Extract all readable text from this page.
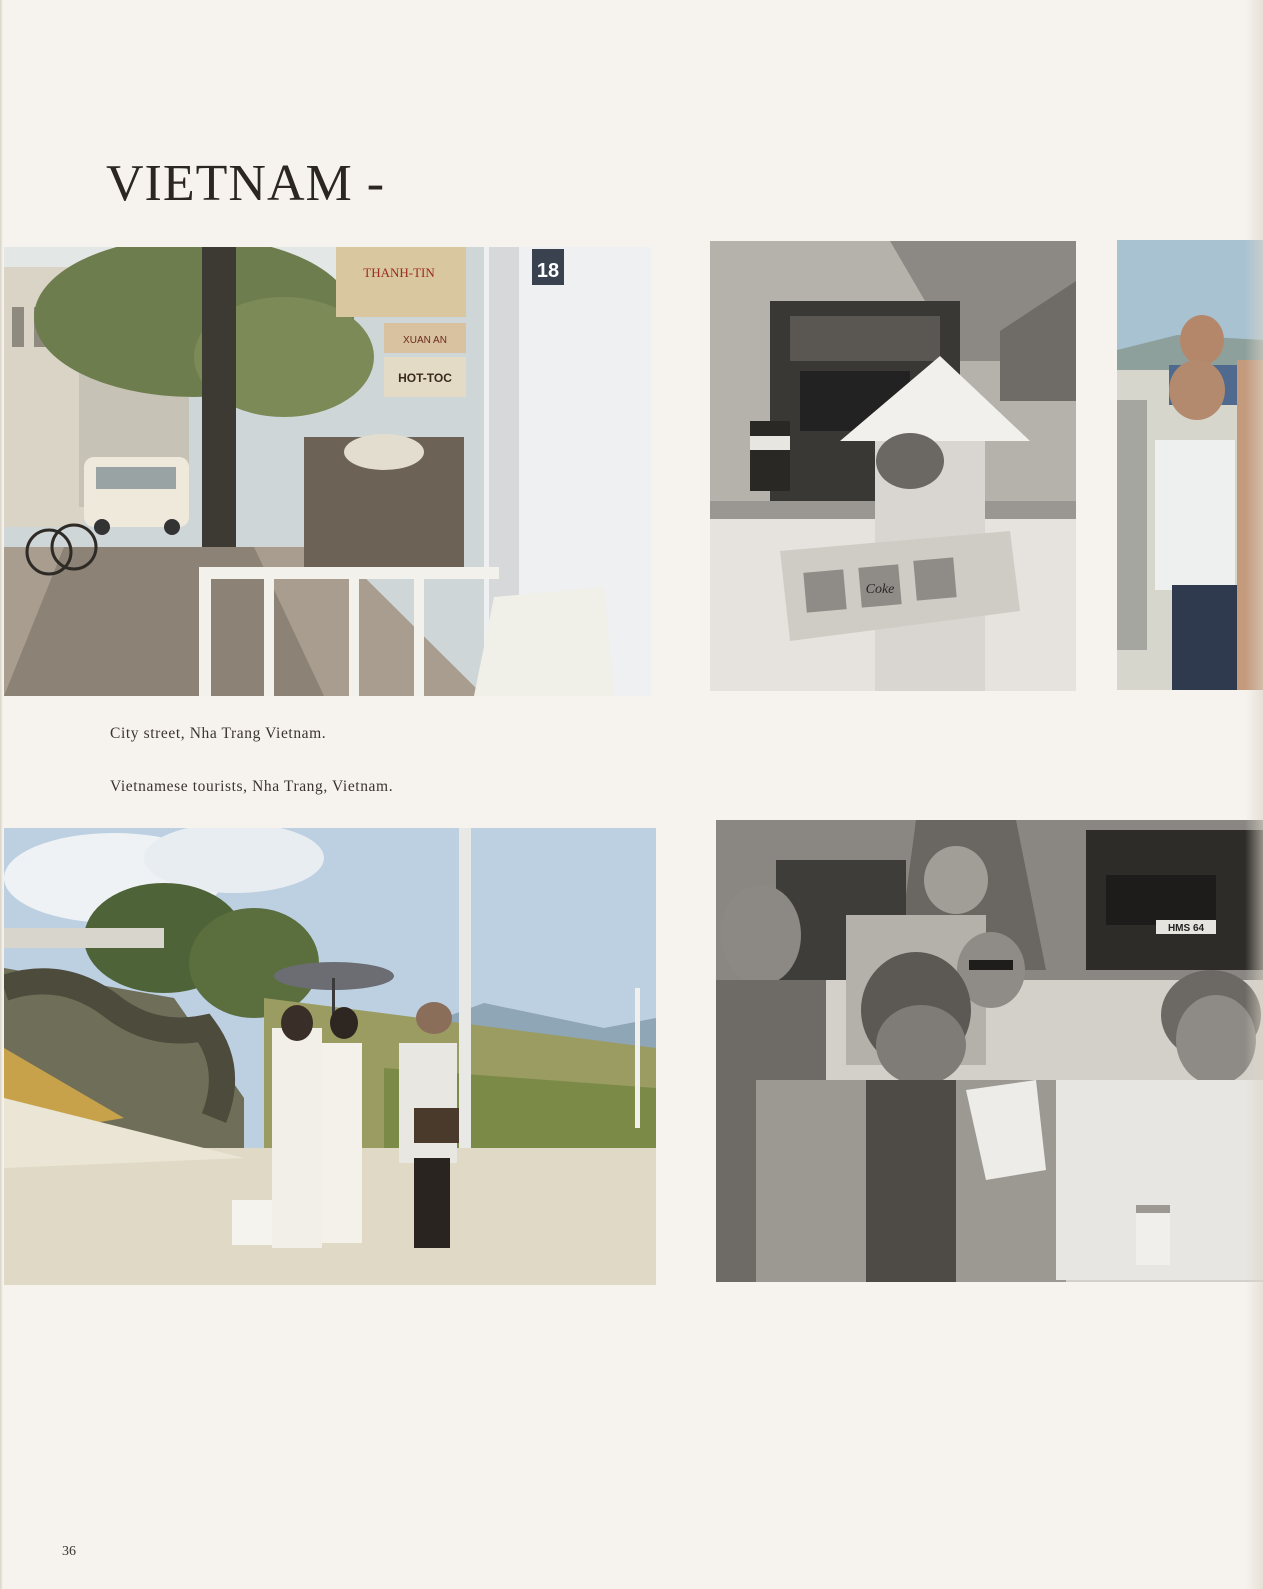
VIETNAM -
THANH-TIN
HOT-TOC
XUAN AN
18
Coke
City street, Nha Trang Vietnam.
Vietnamese tourists, Nha Trang, Vietnam.
HMS 64
36
